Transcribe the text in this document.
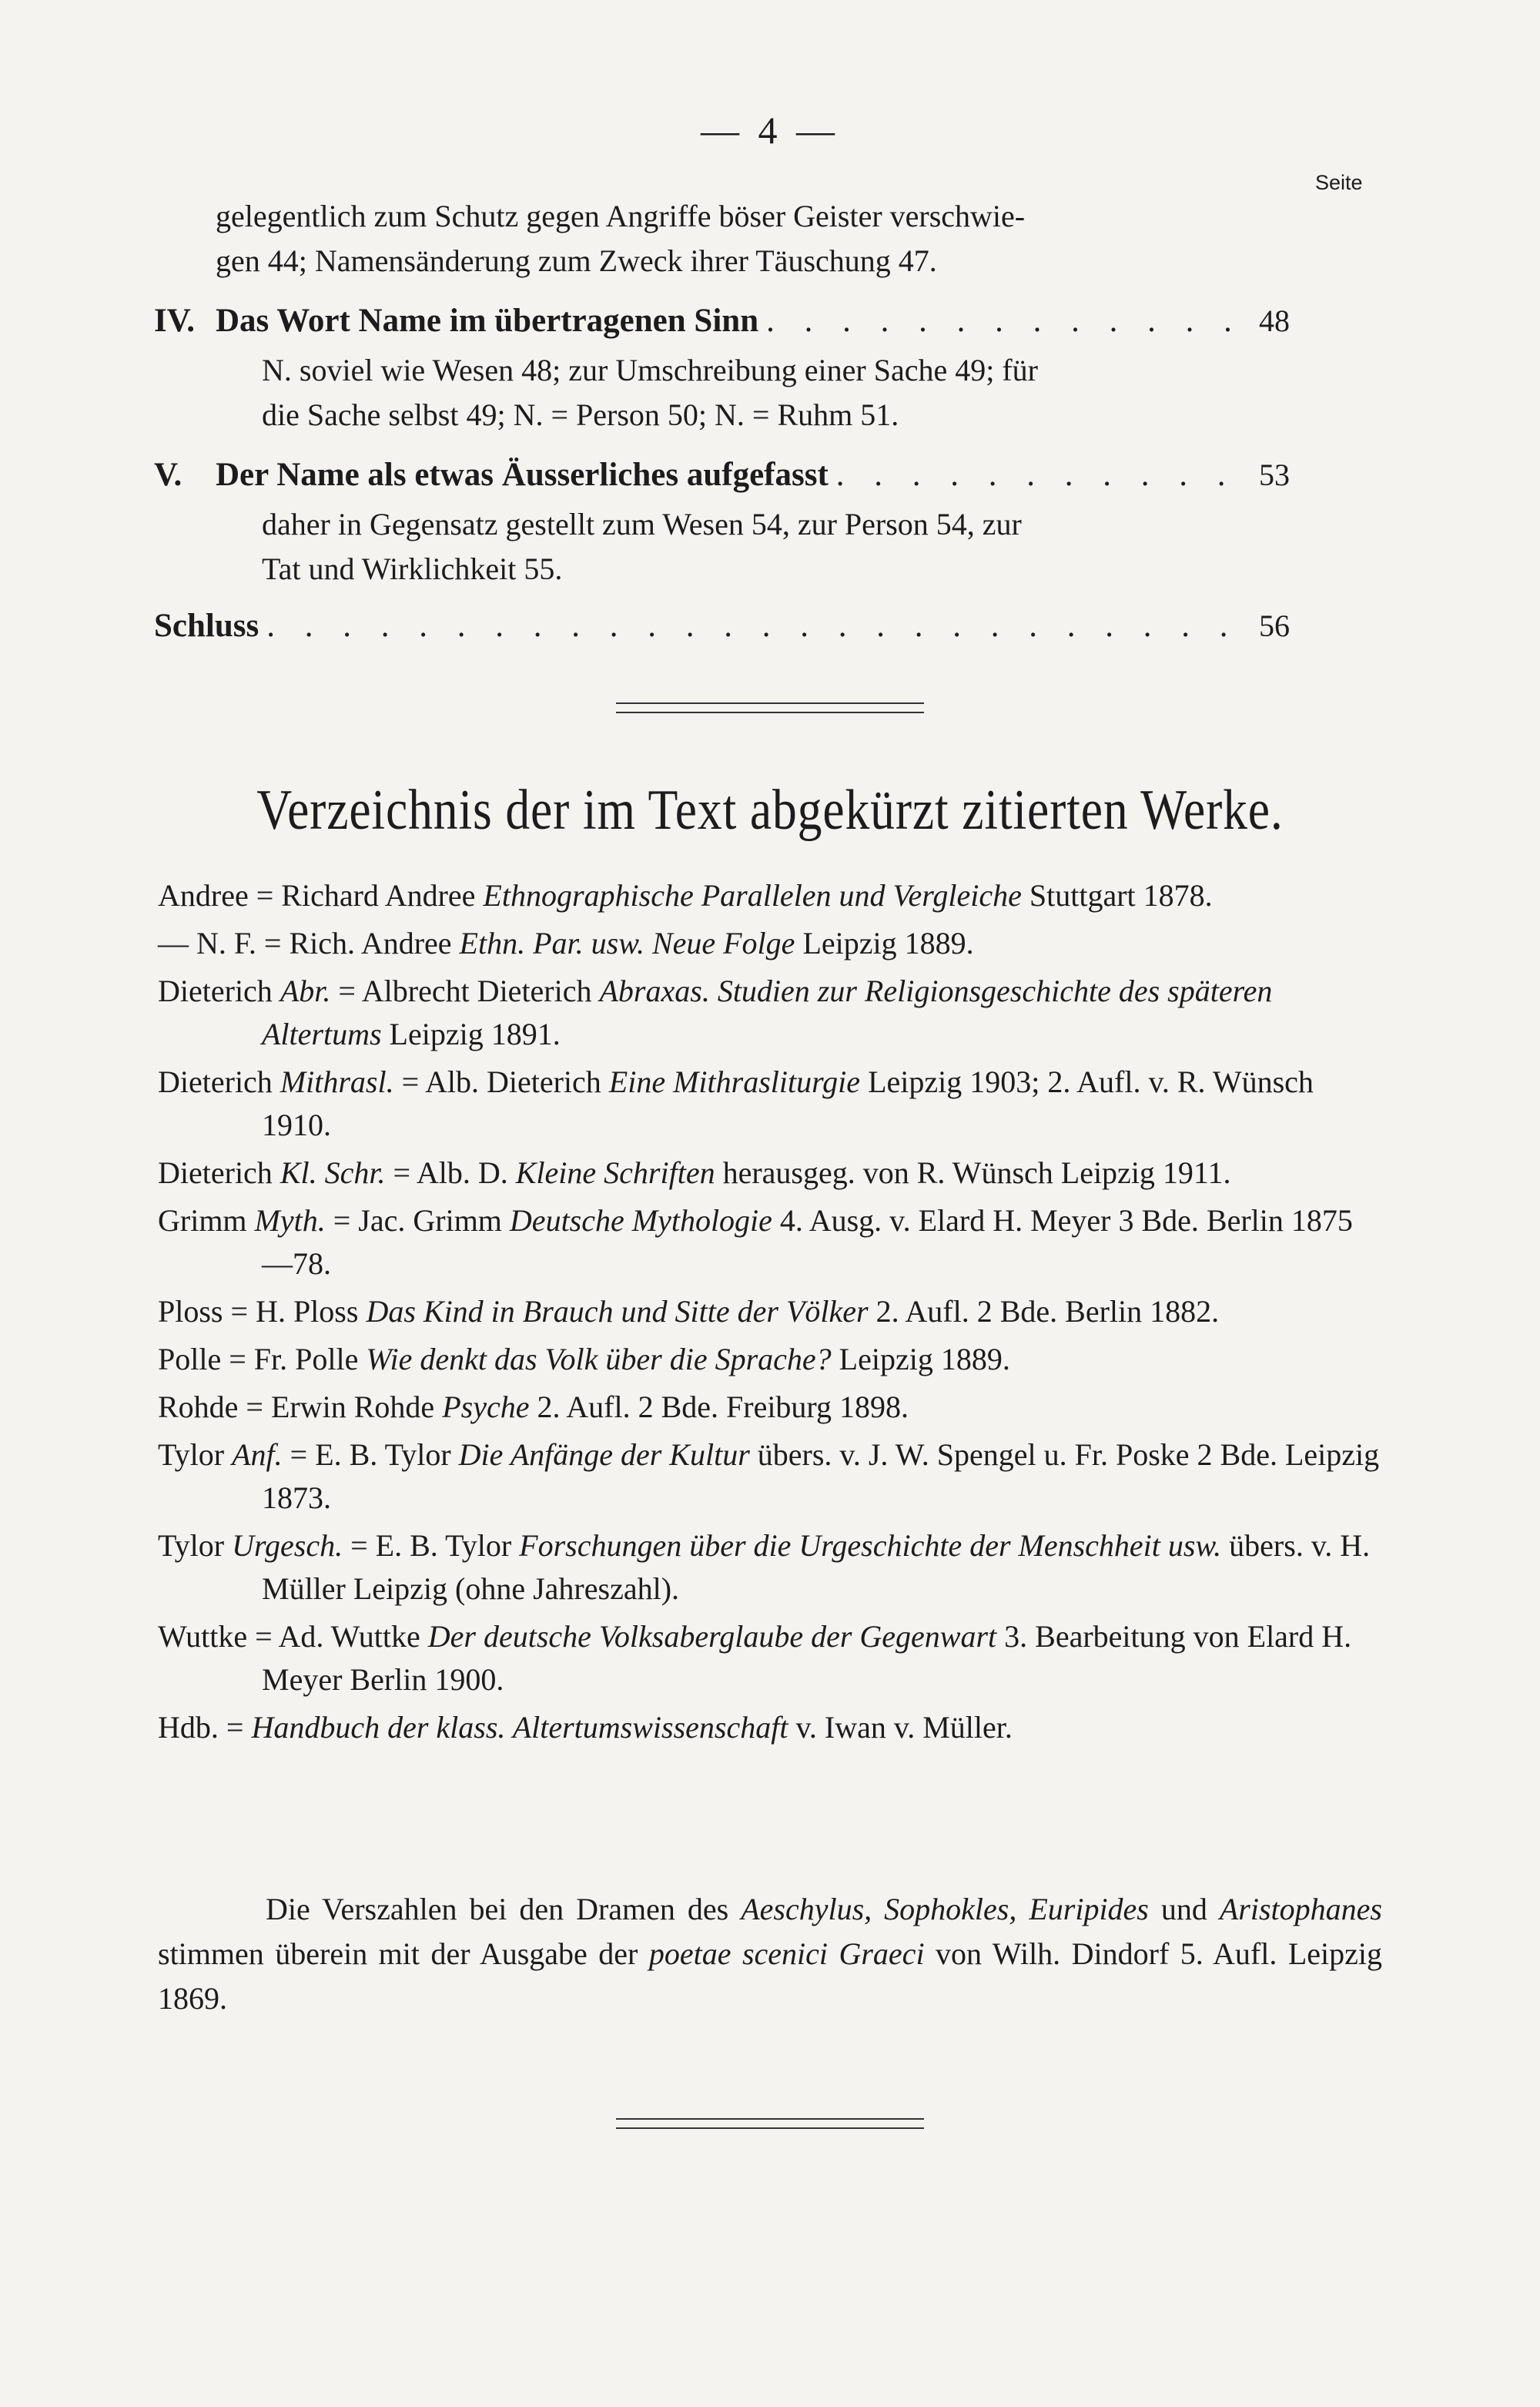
— 4 —
Seite
gelegentlich zum Schutz gegen Angriffe böser Geister verschwie-
gen 44; Namensänderung zum Zweck ihrer Täuschung 47.
IV. Das Wort Name im übertragenen Sinn . . .	48
N. soviel wie Wesen 48; zur Umschreibung einer Sache 49; für
die Sache selbst 49; N. = Person 50; N. = Ruhm 51.
V.	Der Name als etwas Äusserliches aufgefasst . . .	53
daher in Gegensatz gestellt zum Wesen 54, zur Person 54, zur
Tat und Wirklichkeit 55.
Schluss . . .	56
Verzeichnis der im Text abgekürzt zitierten Werke.
Andree = Richard Andree Ethnographische Parallelen und Vergleiche Stuttgart 1878.
— N. F. = Rich. Andree Ethn. Par. usw. Neue Folge Leipzig 1889.
Dieterich Abr. = Albrecht Dieterich Abraxas. Studien zur Religionsgeschichte des späteren Altertums Leipzig 1891.
Dieterich Mithrasl. = Alb. Dieterich Eine Mithrasliturgie Leipzig 1903; 2. Aufl. v. R. Wünsch 1910.
Dieterich Kl. Schr. = Alb. D. Kleine Schriften herausgeg. von R. Wünsch Leipzig 1911.
Grimm Myth. = Jac. Grimm Deutsche Mythologie 4. Ausg. v. Elard H. Meyer 3 Bde. Berlin 1875—78.
Ploss = H. Ploss Das Kind in Brauch und Sitte der Völker 2. Aufl. 2 Bde. Berlin 1882.
Polle = Fr. Polle Wie denkt das Volk über die Sprache? Leipzig 1889.
Rohde = Erwin Rohde Psyche 2. Aufl. 2 Bde. Freiburg 1898.
Tylor Anf. = E. B. Tylor Die Anfänge der Kultur übers. v. J. W. Spengel u. Fr. Poske 2 Bde. Leipzig 1873.
Tylor Urgesch. = E. B. Tylor Forschungen über die Urgeschichte der Menschheit usw. übers. v. H. Müller Leipzig (ohne Jahreszahl).
Wuttke = Ad. Wuttke Der deutsche Volksaberglaube der Gegenwart 3. Bearbeitung von Elard H. Meyer Berlin 1900.
Hdb. = Handbuch der klass. Altertumswissenschaft v. Iwan v. Müller.
Die Verszahlen bei den Dramen des Aeschylus, Sophokles, Euripides und Aristophanes stimmen überein mit der Ausgabe der poetae scenici Graeci von Wilh. Dindorf 5. Aufl. Leipzig 1869.
